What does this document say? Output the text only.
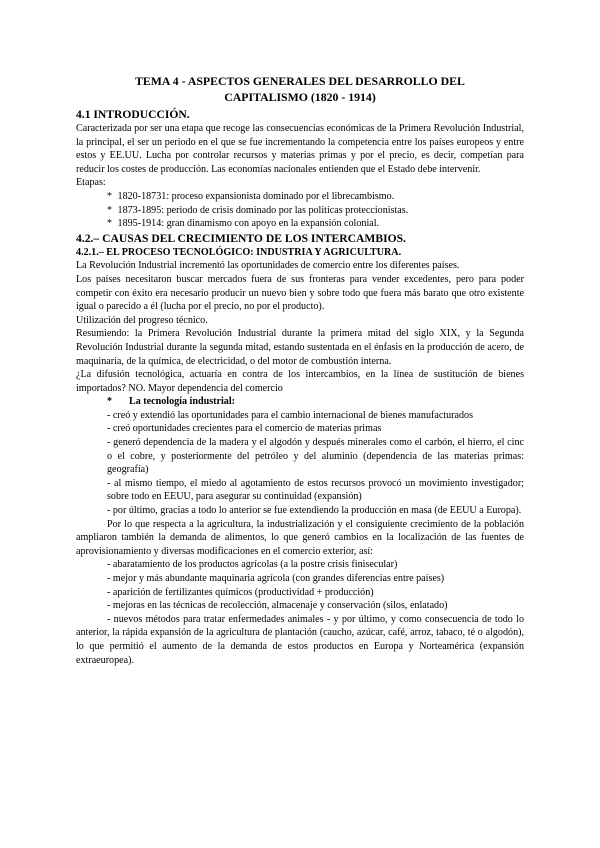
TEMA 4 - ASPECTOS GENERALES DEL DESARROLLO DEL
CAPITALISMO (1820 - 1914)
4.1 INTRODUCCIÓN.

Caracterizada por ser una etapa que recoge las consecuencias económicas de la Primera Revolución Industrial, la principal, el ser un periodo en el que se fue incrementando la competencia entre los países europeos y entre estos y EE.UU. Lucha por controlar recursos y materias primas y por el precio, es decir, competían para reducir los costes de producción. Las economías nacionales entienden que el Estado debe intervenir.

Etapas:

* 1820-18731: proceso expansionista dominado por el librecambismo.

* 1873-1895: periodo de crisis dominado por las políticas proteccionistas.

* 1895-1914: gran dinamismo con apoyo en la expansión colonial.

4.2.– CAUSAS DEL CRECIMIENTO DE LOS INTERCAMBIOS.
4.2.1.– EL PROCESO TECNOLÓGICO: INDUSTRIA Y AGRICULTURA.

La Revolución Industrial incrementó las oportunidades de comercio entre los diferentes países.

Los países necesitaron buscar mercados fuera de sus fronteras para vender excedentes, pero para poder competir con éxito era necesario producir un nuevo bien y sobre todo que fuera más barato que otro existente igual o parecido a él (lucha por el precio, no por el producto).

Utilización del progreso técnico.

Resumiendo: la Primera Revolución Industrial durante la primera mitad del siglo XIX, y la Segunda Revolución Industrial durante la segunda mitad, estando sustentada en el énfasis en la producción de acero, de maquinaria, de la química, de electricidad, o del motor de combustión interna.

¿La difusión tecnológica, actuaría en contra de los intercambios, en la línea de sustitución de bienes importados? NO. Mayor dependencia del comercio

* La tecnología industrial:

- creó y extendió las oportunidades para el cambio internacional de bienes manufacturados

- creó oportunidades crecientes para el comercio de materias primas

- generó dependencia de la madera y el algodón y después minerales como el carbón, el hierro, el cinc o el cobre, y posteriormente del petróleo y del aluminio (dependencia de las materias primas: geografía)

- al mismo tiempo, el miedo al agotamiento de estos recursos provocó un movimiento investigador; sobre todo en EEUU, para asegurar su continuidad (expansión)

- por último, gracias a todo lo anterior se fue extendiendo la producción en masa (de EEUU a Europa).

Por lo que respecta a la agricultura, la industrialización y el consiguiente crecimiento de la población ampliaron también la demanda de alimentos, lo que generó cambios en la localización de las fuentes de aprovisionamiento y diversas modificaciones en el comercio exterior, así:

- abaratamiento de los productos agrícolas (a la postre crisis finisecular)

- mejor y más abundante maquinaria agrícola (con grandes diferencias entre países)

- aparición de fertilizantes químicos (productividad + producción)

- mejoras en las técnicas de recolección, almacenaje y conservación (silos, enlatado)

- nuevos métodos para tratar enfermedades animales - y por último, y como consecuencia de todo lo anterior, la rápida expansión de la agricultura de plantación (caucho, azúcar, café, arroz, tabaco, té o algodón), lo que permitió el aumento de la demanda de estos productos en Europa y Norteamérica (expansión extraeuropea).
